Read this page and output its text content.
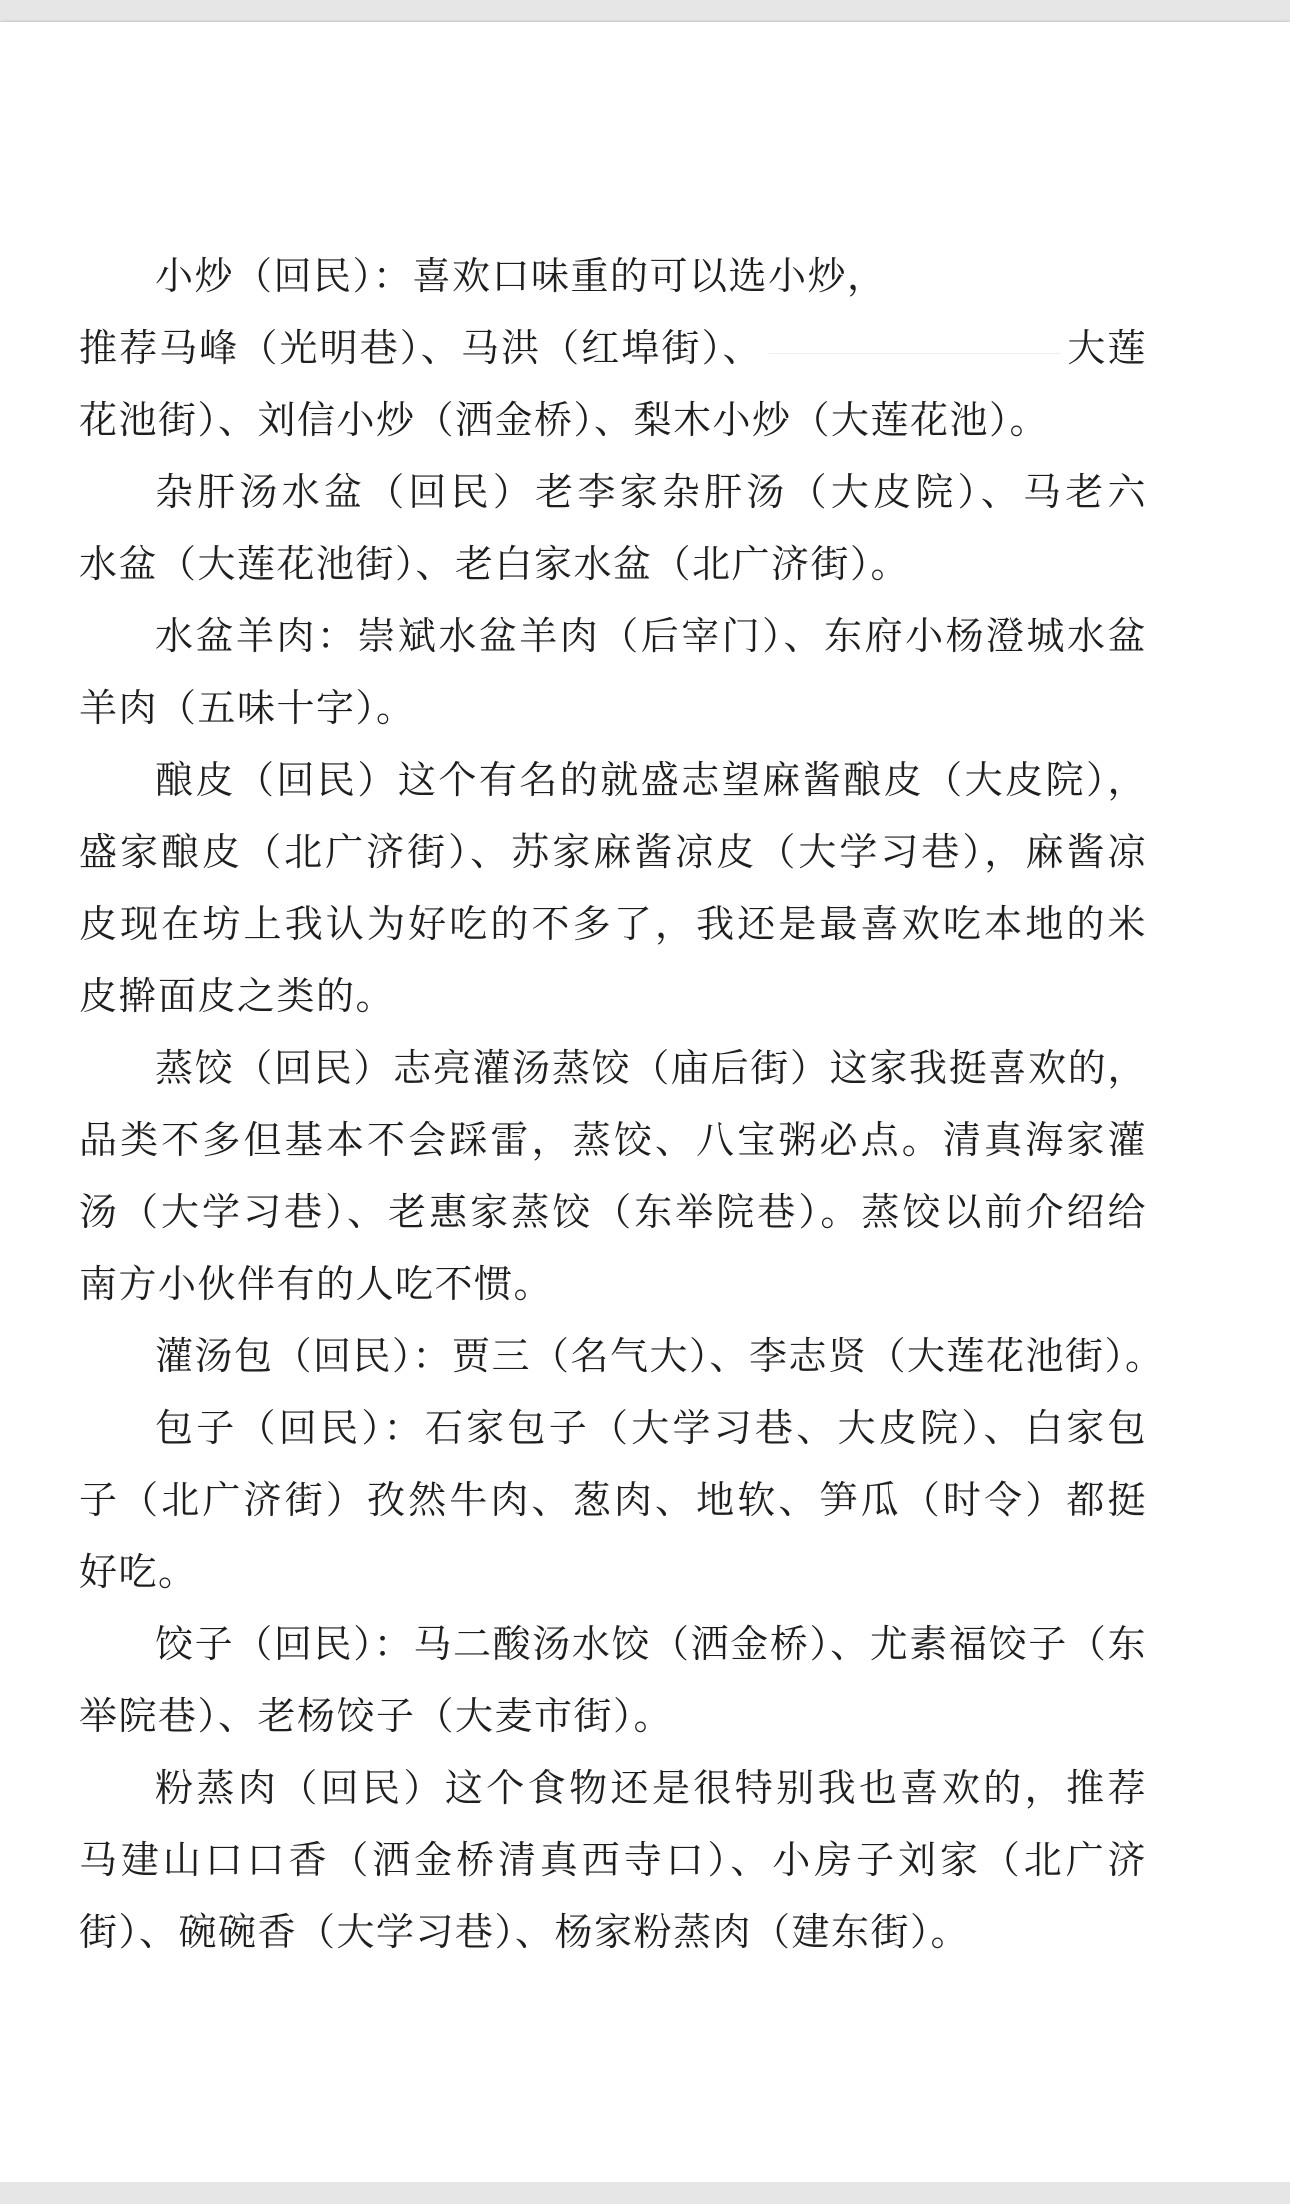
小炒（回民）：喜欢口味重的可以选小炒，
推荐马峰（光明巷）、马洪（红埠街）、	大莲
花池街）、刘信小炒（洒金桥）、梨木小炒（大莲花池）。

杂肝汤水盆（回民）老李家杂肝汤（大皮院）、马老六
水盆（大莲花池街）、老白家水盆（北广济街）。

水盆羊肉：崇斌水盆羊肉（后宰门）、东府小杨澄城水盆
羊肉（五味十字）。

酿皮（回民）这个有名的就盛志望麻酱酿皮（大皮院），
盛家酿皮（北广济街）、苏家麻酱凉皮（大学习巷），麻酱凉
皮现在坊上我认为好吃的不多了，我还是最喜欢吃本地的米
皮擀面皮之类的。

蒸饺（回民）志亮灌汤蒸饺（庙后街）这家我挺喜欢的，
品类不多但基本不会踩雷，蒸饺、八宝粥必点。清真海家灌
汤（大学习巷）、老惠家蒸饺（东举院巷）。蒸饺以前介绍给
南方小伙伴有的人吃不惯。

灌汤包（回民）：贾三（名气大）、李志贤（大莲花池街）。

包子（回民）：石家包子（大学习巷、大皮院）、白家包
子（北广济街）孜然牛肉、葱肉、地软、笋瓜（时令）都挺
好吃。

饺子（回民）：马二酸汤水饺（洒金桥）、尤素福饺子（东
举院巷）、老杨饺子（大麦市街）。

粉蒸肉（回民）这个食物还是很特别我也喜欢的，推荐
马建山口口香（洒金桥清真西寺口）、小房子刘家（北广济
街）、碗碗香（大学习巷）、杨家粉蒸肉（建东街）。
